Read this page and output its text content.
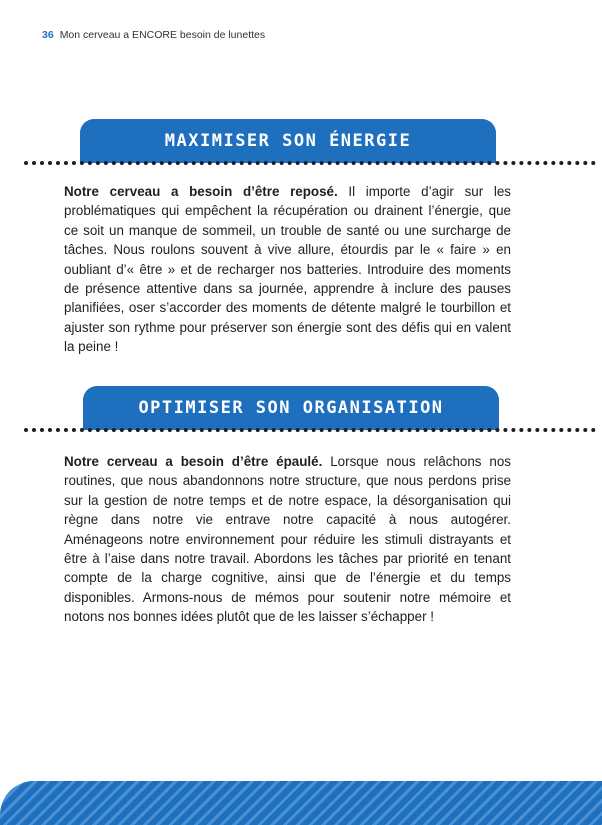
36 Mon cerveau a ENCORE besoin de lunettes
MAXIMISER SON ÉNERGIE

Notre cerveau a besoin d’être reposé. Il importe d’agir sur les problématiques qui empêchent la récupération ou drainent l’énergie, que ce soit un manque de sommeil, un trouble de santé ou une surcharge de tâches. Nous roulons souvent à vive allure, étourdis par le « faire » en oubliant d’« être » et de recharger nos batteries. Introduire des moments de présence attentive dans sa journée, apprendre à inclure des pauses planifiées, oser s’accorder des moments de détente malgré le tourbillon et ajuster son rythme pour préserver son énergie sont des défis qui en valent la peine !

OPTIMISER SON ORGANISATION

Notre cerveau a besoin d’être épaulé. Lorsque nous relâchons nos routines, que nous abandonnons notre structure, que nous perdons prise sur la gestion de notre temps et de notre espace, la désorganisation qui règne dans notre vie entrave notre capacité à nous autogérer. Aménageons notre environnement pour réduire les stimuli distrayants et être à l’aise dans notre travail. Abordons les tâches par priorité en tenant compte de la charge cognitive, ainsi que de l’énergie et du temps disponibles. Armons-nous de mémos pour soutenir notre mémoire et notons nos bonnes idées plutôt que de les laisser s’échapper !
